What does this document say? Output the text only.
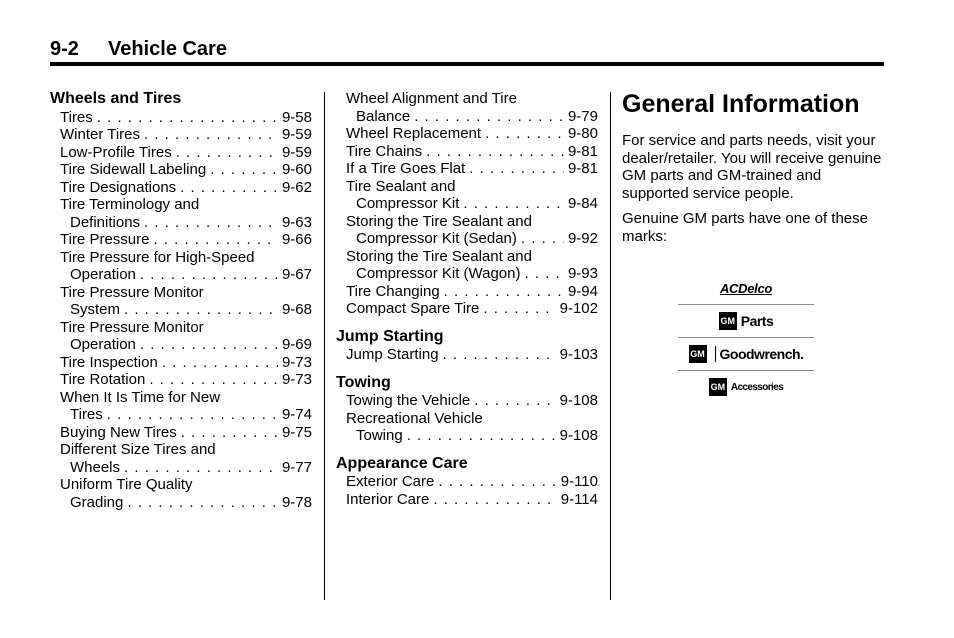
9-2 Vehicle Care
Wheels and Tires
Tires . . .	9-58
Winter Tires . . .	9-59
Low-Profile Tires . . .	9-59
Tire Sidewall Labeling . . .	9-60
Tire Designations . . .	9-62
Tire Terminology and
Definitions . . .	9-63
Tire Pressure . . .	9-66
Tire Pressure for High-Speed
Operation . . .	9-67
Tire Pressure Monitor
System . . .	9-68
Tire Pressure Monitor
Operation . . .	9-69
Tire Inspection . . .	9-73
Tire Rotation . . .	9-73
When It Is Time for New
Tires . . .	9-74
Buying New Tires . . .	9-75
Different Size Tires and
Wheels . . .	9-77
Uniform Tire Quality
Grading . . .	9-78
Wheel Alignment and Tire
Balance . . .	9-79
Wheel Replacement . . .	9-80
Tire Chains . . .	9-81
If a Tire Goes Flat . . .	9-81
Tire Sealant and
Compressor Kit . . .	9-84
Storing the Tire Sealant and
Compressor Kit (Sedan) . . .	9-92
Storing the Tire Sealant and
Compressor Kit (Wagon) . . .	9-93
Tire Changing . . .	9-94
Compact Spare Tire . . .	9-102
Jump Starting
Jump Starting . . .	9-103
Towing
Towing the Vehicle . . .	9-108
Recreational Vehicle
Towing . . .	9-108
Appearance Care
Exterior Care . . .	9-110
Interior Care . . .	9-114
General Information

For service and parts needs, visit your dealer/retailer. You will receive genuine GM parts and GM-trained and supported service people.

Genuine GM parts have one of these marks:

ACDelco
GM Parts
GM Goodwrench.
GM Accessories
